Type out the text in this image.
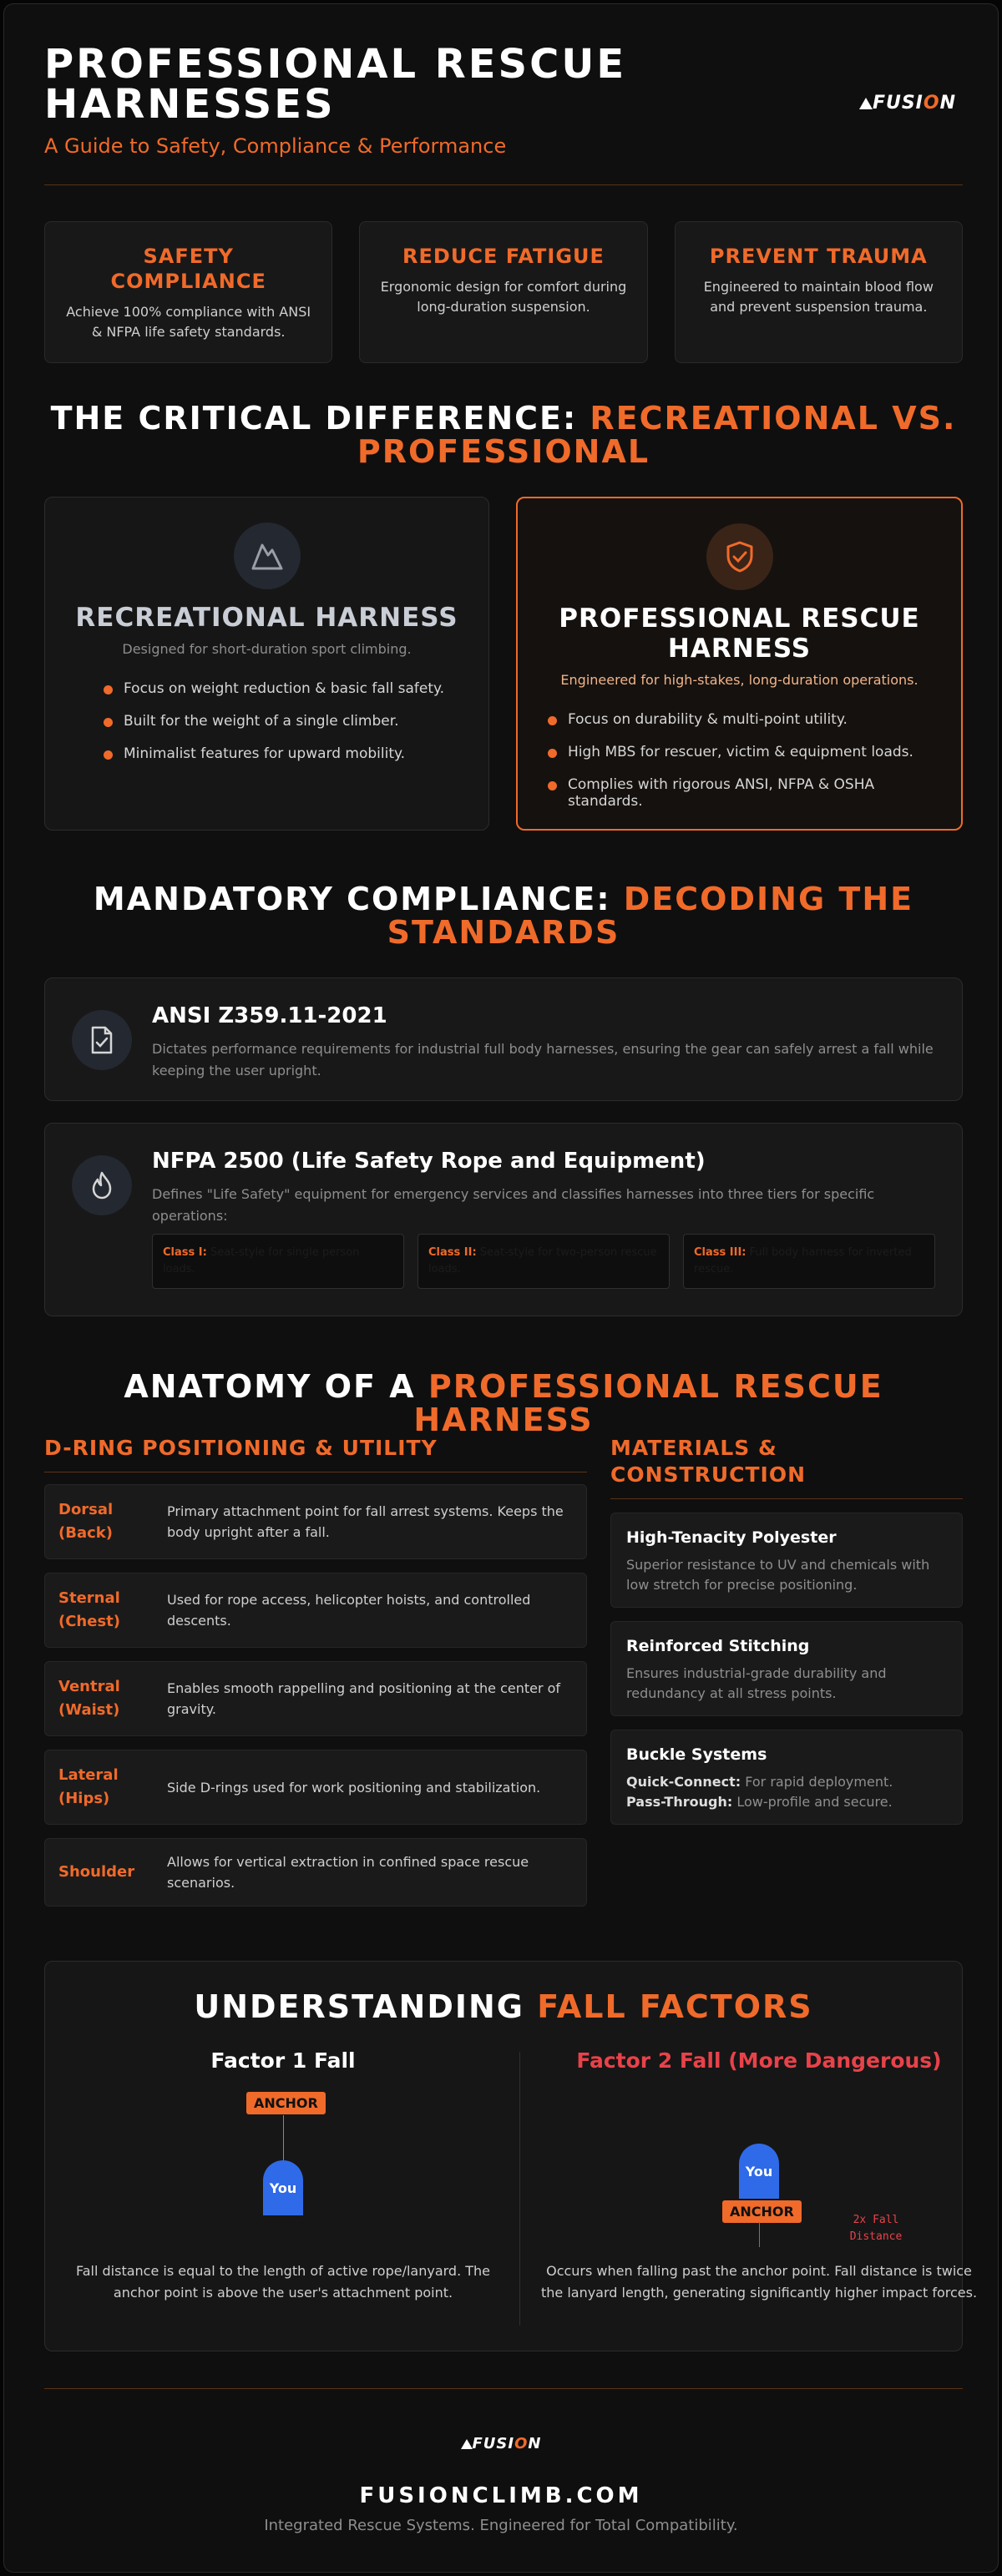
PROFESSIONAL RESCUE HARNESSES
A Guide to Safety, Compliance & Performance
FUSION
SAFETY COMPLIANCE

Achieve 100% compliance with ANSI & NFPA life safety standards.

REDUCE FATIGUE

Ergonomic design for comfort during long-duration suspension.

PREVENT TRAUMA

Engineered to maintain blood flow and prevent suspension trauma.

THE CRITICAL DIFFERENCE: RECREATIONAL VS. PROFESSIONAL
RECREATIONAL HARNESS
Designed for short-duration sport climbing.
Focus on weight reduction & basic fall safety.
Built for the weight of a single climber.
Minimalist features for upward mobility.
PROFESSIONAL RESCUE HARNESS
Engineered for high-stakes, long-duration operations.
Focus on durability & multi-point utility.
High MBS for rescuer, victim & equipment loads.
Complies with rigorous ANSI, NFPA & OSHA standards.
MANDATORY COMPLIANCE: DECODING THE STANDARDS
ANSI Z359.11-2021

Dictates performance requirements for industrial full body harnesses, ensuring the gear can safely arrest a fall while keeping the user upright.

NFPA 2500 (Life Safety Rope and Equipment)

Defines "Life Safety" equipment for emergency services and classifies harnesses into three tiers for specific operations:

Class I: Seat-style for single person loads.
Class II: Seat-style for two-person rescue loads.
Class III: Full body harness for inverted rescue.
ANATOMY OF A PROFESSIONAL RESCUE HARNESS
D-RING POSITIONING & UTILITY
Dorsal (Back)
Primary attachment point for fall arrest systems. Keeps the body upright after a fall.
Sternal (Chest)
Used for rope access, helicopter hoists, and controlled descents.
Ventral (Waist)
Enables smooth rappelling and positioning at the center of gravity.
Lateral (Hips)
Side D-rings used for work positioning and stabilization.
Shoulder
Allows for vertical extraction in confined space rescue scenarios.
MATERIALS & CONSTRUCTION
High-Tenacity Polyester

Superior resistance to UV and chemicals with low stretch for precise positioning.

Reinforced Stitching

Ensures industrial-grade durability and redundancy at all stress points.

Buckle Systems

Quick-Connect: For rapid deployment.
Pass-Through: Low-profile and secure.

UNDERSTANDING FALL FACTORS
Factor 1 Fall
ANCHOR
You
Fall distance is equal to the length of active rope/lanyard. The anchor point is above the user's attachment point.
Factor 2 Fall (More Dangerous)
You
ANCHOR
2x Fall
Distance
Occurs when falling past the anchor point. Fall distance is twice the lanyard length, generating significantly higher impact forces.
FUSION
FUSIONCLIMB.COM
Integrated Rescue Systems. Engineered for Total Compatibility.
